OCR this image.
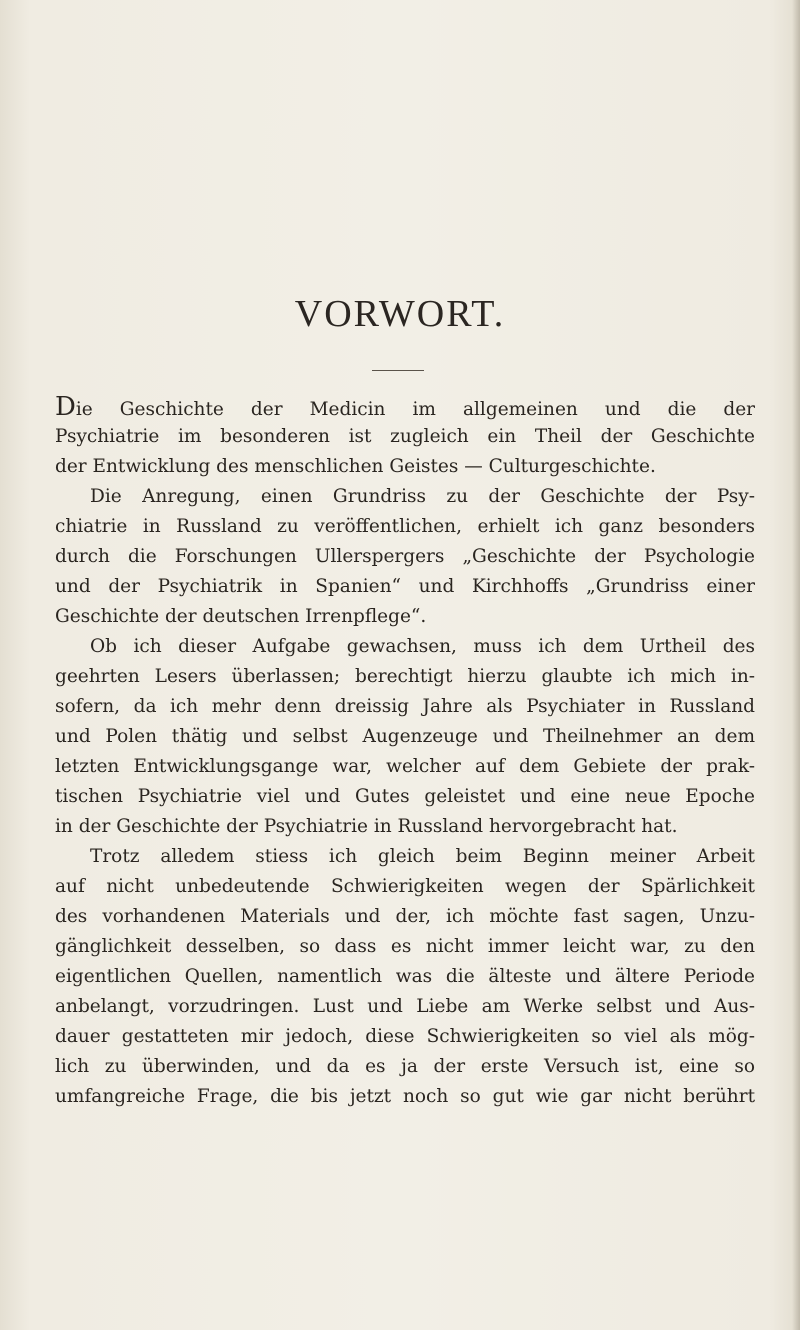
VORWORT.
Die Geschichte der Medicin im allgemeinen und die der
Psychiatrie im besonderen ist zugleich ein Theil der Geschichte
der Entwicklung des menschlichen Geistes — Culturgeschichte.
Die Anregung, einen Grundriss zu der Geschichte der Psy-
chiatrie in Russland zu veröffentlichen, erhielt ich ganz besonders
durch die Forschungen Ullerspergers „Geschichte der Psychologie
und der Psychiatrik in Spanien“ und Kirchhoffs „Grundriss einer
Geschichte der deutschen Irrenpflege“.
Ob ich dieser Aufgabe gewachsen, muss ich dem Urtheil des
geehrten Lesers überlassen; berechtigt hierzu glaubte ich mich in-
sofern, da ich mehr denn dreissig Jahre als Psychiater in Russland
und Polen thätig und selbst Augenzeuge und Theilnehmer an dem
letzten Entwicklungsgange war, welcher auf dem Gebiete der prak-
tischen Psychiatrie viel und Gutes geleistet und eine neue Epoche
in der Geschichte der Psychiatrie in Russland hervorgebracht hat.
Trotz alledem stiess ich gleich beim Beginn meiner Arbeit
auf nicht unbedeutende Schwierigkeiten wegen der Spärlichkeit
des vorhandenen Materials und der, ich möchte fast sagen, Unzu-
gänglichkeit desselben, so dass es nicht immer leicht war, zu den
eigentlichen Quellen, namentlich was die älteste und ältere Periode
anbelangt, vorzudringen. Lust und Liebe am Werke selbst und Aus-
dauer gestatteten mir jedoch, diese Schwierigkeiten so viel als mög-
lich zu überwinden, und da es ja der erste Versuch ist, eine so
umfangreiche Frage, die bis jetzt noch so gut wie gar nicht berührt
